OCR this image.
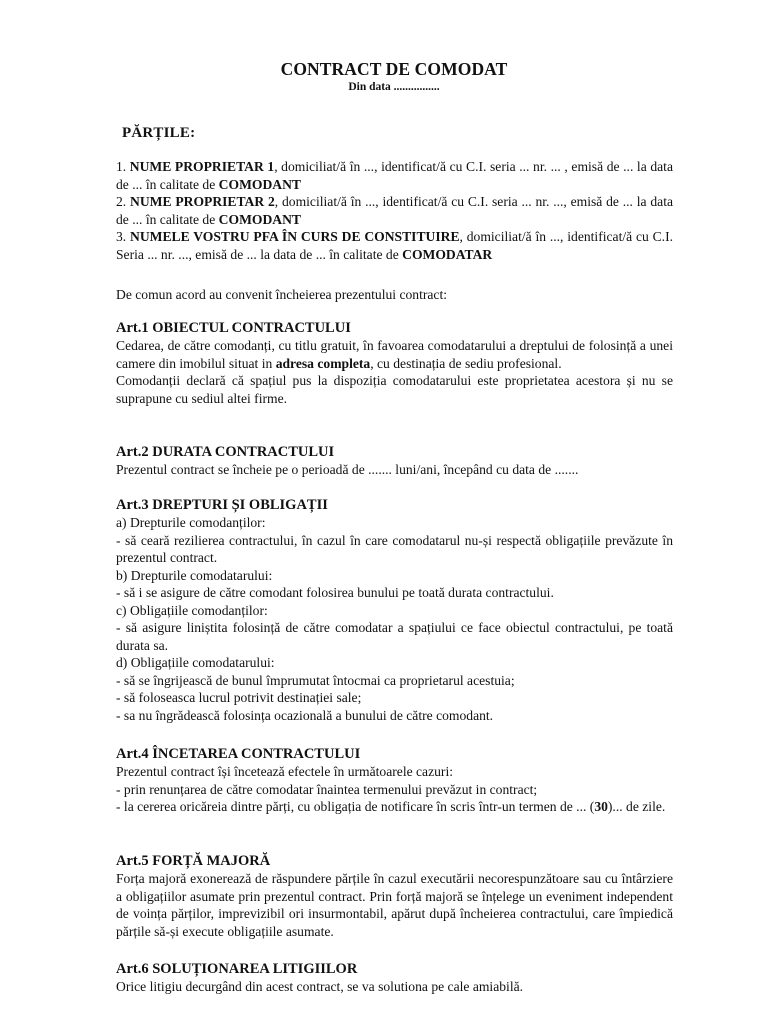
CONTRACT DE COMODAT
Din data ................
PĂRȚILE:

1. NUME PROPRIETAR 1, domiciliat/ă în ..., identificat/ă cu C.I. seria ... nr. ... , emisă de ... la data de ... în calitate de COMODANT

2. NUME PROPRIETAR 2, domiciliat/ă în ..., identificat/ă cu C.I. seria ... nr. ..., emisă de ... la data de ... în calitate de COMODANT

3. NUMELE VOSTRU PFA ÎN CURS DE CONSTITUIRE, domiciliat/ă în ..., identificat/ă cu C.I. Seria ... nr. ..., emisă de ... la data de ... în calitate de COMODATAR

De comun acord au convenit încheierea prezentului contract:

Art.1 OBIECTUL CONTRACTULUI

Cedarea, de către comodanți, cu titlu gratuit, în favoarea comodatarului a dreptului de folosință a unei camere din imobilul situat in adresa completa, cu destinația de sediu profesional.

Comodanții declară că spațiul pus la dispoziția comodatarului este proprietatea acestora și nu se suprapune cu sediul altei firme.

Art.2 DURATA CONTRACTULUI

Prezentul contract se încheie pe o perioadă de ....... luni/ani, începând cu data de .......

Art.3 DREPTURI ȘI OBLIGAȚII

a) Drepturile comodanților:

- să ceară rezilierea contractului, în cazul în care comodatarul nu-și respectă obligațiile prevăzute în prezentul contract.

b) Drepturile comodatarului:

- să i se asigure de către comodant folosirea bunului pe toată durata contractului.

c) Obligațiile comodanților:

- să asigure liniștita folosință de către comodatar a spațiului ce face obiectul contractului, pe toată durata sa.

d) Obligațiile comodatarului:

- să se îngrijească de bunul împrumutat întocmai ca proprietarul acestuia;

- să foloseasca lucrul potrivit destinației sale;

- sa nu îngrădească folosința ocazională a bunului de către comodant.

Art.4 ÎNCETAREA CONTRACTULUI

Prezentul contract își încetează efectele în următoarele cazuri:

- prin renunțarea de către comodatar înaintea termenului prevăzut in contract;

- la cererea oricăreia dintre părți, cu obligația de notificare în scris într-un termen de ... (30)... de zile.

Art.5 FORȚĂ MAJORĂ

Forța majoră exonerează de răspundere părțile în cazul executării necorespunzătoare sau cu întârziere a obligațiilor asumate prin prezentul contract. Prin forță majoră se înțelege un eveniment independent de voința părților, imprevizibil ori insurmontabil, apărut după încheierea contractului, care împiedică părțile să-și execute obligațiile asumate.

Art.6 SOLUȚIONAREA LITIGIILOR

Orice litigiu decurgând din acest contract, se va solutiona pe cale amiabilă.
